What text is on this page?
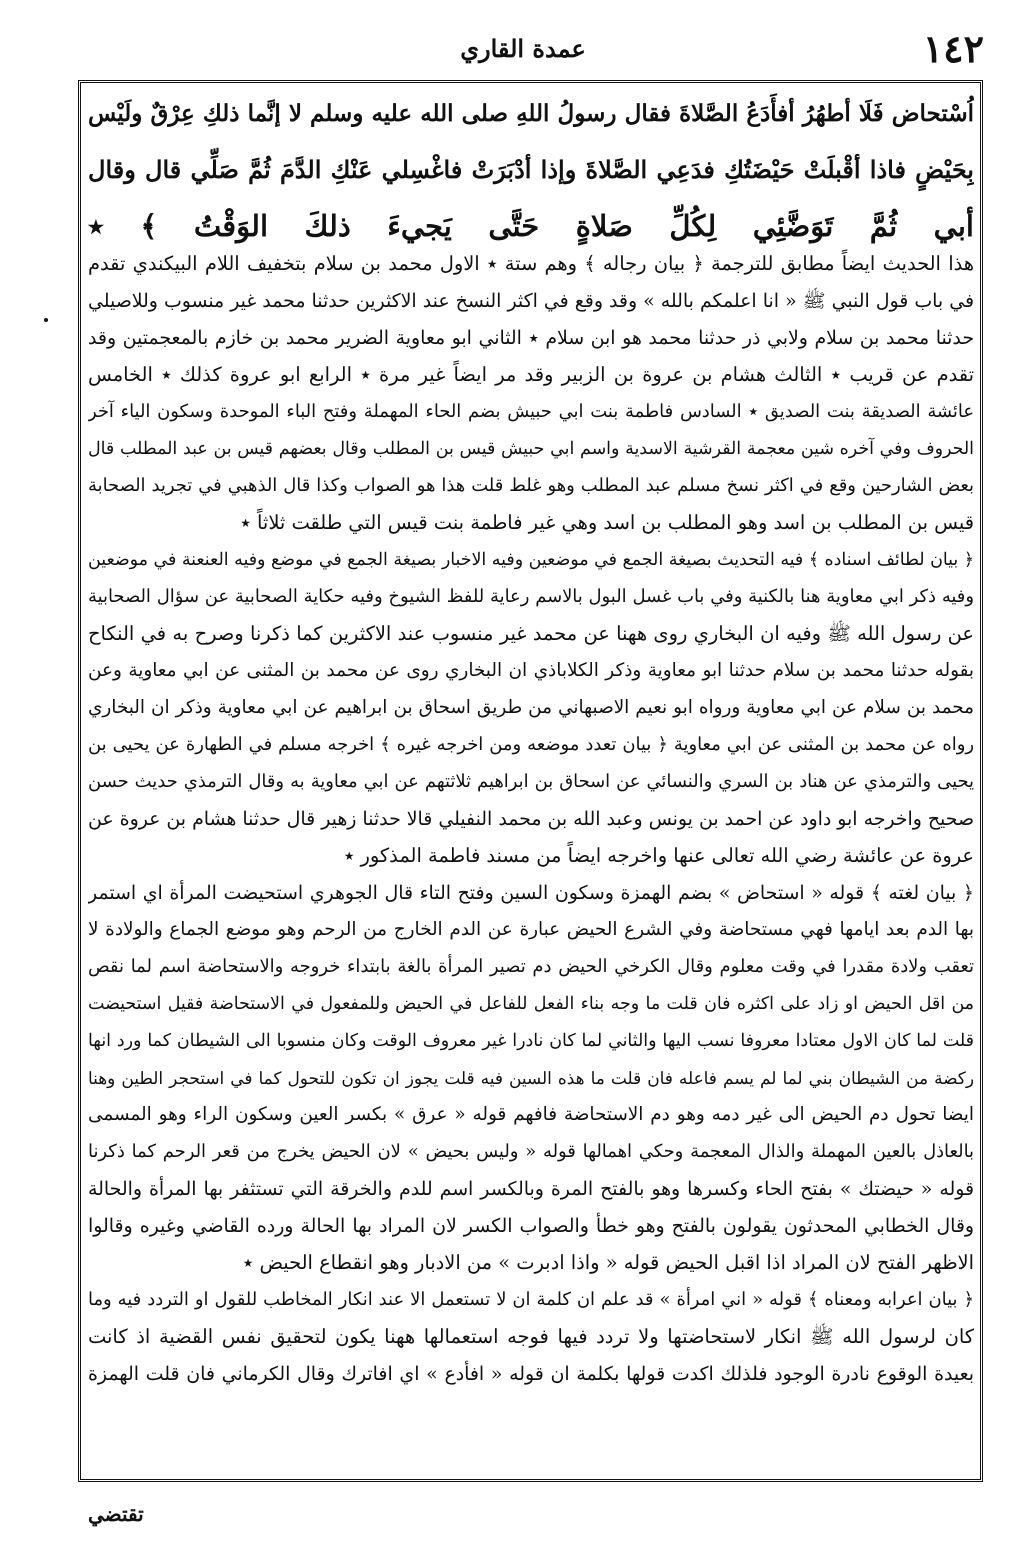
١٤٢
عمدة القاري
اُسْتحاض فَلَا أطهُرُ أفأَدَعُ الصَّلاةَ فقال رسولُ اللهِ صلى الله عليه وسلم لا إنَّما ذلكِ عِرْقٌ ولَيْس
بِحَيْضٍ فاذا أقْبلَتْ حَيْضَتُكِ فدَعِي الصَّلاةَ وإذا أدْبَرَتْ فاغْسِلي عَنْكِ الدَّمَ ثُمَّ صَلِّي قال وقال
أبي ثُمَّ تَوَضَّئِي لِكُلِّ صَلاةٍ حَتَّى يَجيءَ ذلكَ الوَقْتُ ﴾ ٭
هذا الحديث ايضاً مطابق للترجمة ﴿ بيان رجاله ﴾ وهم ستة ٭ الاول محمد بن سلام بتخفيف اللام البيكندي تقدم
في باب قول النبي ﷺ « انا اعلمكم بالله » وقد وقع في اكثر النسخ عند الاكثرين حدثنا محمد غير منسوب وللاصيلي
حدثنا محمد بن سلام ولابي ذر حدثنا محمد هو ابن سلام ٭ الثاني ابو معاوية الضرير محمد بن خازم بالمعجمتين وقد
تقدم عن قريب ٭ الثالث هشام بن عروة بن الزبير وقد مر ايضاً غير مرة ٭ الرابع ابو عروة كذلك ٭ الخامس
عائشة الصديقة بنت الصديق ٭ السادس فاطمة بنت ابي حبيش بضم الحاء المهملة وفتح الباء الموحدة وسكون الياء آخر
الحروف وفي آخره شين معجمة القرشية الاسدية واسم ابي حبيش قيس بن المطلب وقال بعضهم قيس بن عبد المطلب قال
بعض الشارحين وقع في اكثر نسخ مسلم عبد المطلب وهو غلط قلت هذا هو الصواب وكذا قال الذهبي في تجريد الصحابة
قيس بن المطلب بن اسد وهو المطلب بن اسد وهي غير فاطمة بنت قيس التي طلقت ثلاثاً ٭
﴿ بيان لطائف اسناده ﴾ فيه التحديث بصيغة الجمع في موضعين وفيه الاخبار بصيغة الجمع في موضع وفيه العنعنة في موضعين
وفيه ذكر ابي معاوية هنا بالكنية وفي باب غسل البول بالاسم رعاية للفظ الشيوخ وفيه حكاية الصحابية عن سؤال الصحابية
عن رسول الله ﷺ وفيه ان البخاري روى ههنا عن محمد غير منسوب عند الاكثرين كما ذكرنا وصرح به في النكاح
بقوله حدثنا محمد بن سلام حدثنا ابو معاوية وذكر الكلاباذي ان البخاري روى عن محمد بن المثنى عن ابي معاوية وعن
محمد بن سلام عن ابي معاوية ورواه ابو نعيم الاصبهاني من طريق اسحاق بن ابراهيم عن ابي معاوية وذكر ان البخاري
رواه عن محمد بن المثنى عن ابي معاوية ﴿ بيان تعدد موضعه ومن اخرجه غيره ﴾ اخرجه مسلم في الطهارة عن يحيى بن
يحيى والترمذي عن هناد بن السري والنسائي عن اسحاق بن ابراهيم ثلاثتهم عن ابي معاوية به وقال الترمذي حديث حسن
صحيح واخرجه ابو داود عن احمد بن يونس وعبد الله بن محمد النفيلي قالا حدثنا زهير قال حدثنا هشام بن عروة عن
عروة عن عائشة رضي الله تعالى عنها واخرجه ايضاً من مسند فاطمة المذكور ٭
﴿ بيان لغته ﴾ قوله « استحاض » بضم الهمزة وسكون السين وفتح التاء قال الجوهري استحيضت المرأة اي استمر
بها الدم بعد ايامها فهي مستحاضة وفي الشرع الحيض عبارة عن الدم الخارج من الرحم وهو موضع الجماع والولادة لا
تعقب ولادة مقدرا في وقت معلوم وقال الكرخي الحيض دم تصير المرأة بالغة بابتداء خروجه والاستحاضة اسم لما نقص
من اقل الحيض او زاد على اكثره فان قلت ما وجه بناء الفعل للفاعل في الحيض وللمفعول في الاستحاضة فقيل استحيضت
قلت لما كان الاول معتادا معروفا نسب اليها والثاني لما كان نادرا غير معروف الوقت وكان منسوبا الى الشيطان كما ورد انها
ركضة من الشيطان بني لما لم يسم فاعله فان قلت ما هذه السين فيه قلت يجوز ان تكون للتحول كما في استحجر الطين وهنا
ايضا تحول دم الحيض الى غير دمه وهو دم الاستحاضة فافهم قوله « عرق » بكسر العين وسكون الراء وهو المسمى
بالعاذل بالعين المهملة والذال المعجمة وحكي اهمالها قوله « وليس بحيض » لان الحيض يخرج من قعر الرحم كما ذكرنا
قوله « حيضتك » بفتح الحاء وكسرها وهو بالفتح المرة وبالكسر اسم للدم والخرقة التي تستثفر بها المرأة والحالة
وقال الخطابي المحدثون يقولون بالفتح وهو خطأ والصواب الكسر لان المراد بها الحالة ورده القاضي وغيره وقالوا
الاظهر الفتح لان المراد اذا اقبل الحيض قوله « واذا ادبرت » من الادبار وهو انقطاع الحيض ٭
﴿ بيان اعرابه ومعناه ﴾ قوله « اني امرأة » قد علم ان كلمة ان لا تستعمل الا عند انكار المخاطب للقول او التردد فيه وما
كان لرسول الله ﷺ انكار لاستحاضتها ولا تردد فيها فوجه استعمالها ههنا يكون لتحقيق نفس القضية اذ كانت
بعيدة الوقوع نادرة الوجود فلذلك اكدت قولها بكلمة ان قوله « افأدع » اي افاترك وقال الكرماني فان قلت الهمزة
تقتضي
